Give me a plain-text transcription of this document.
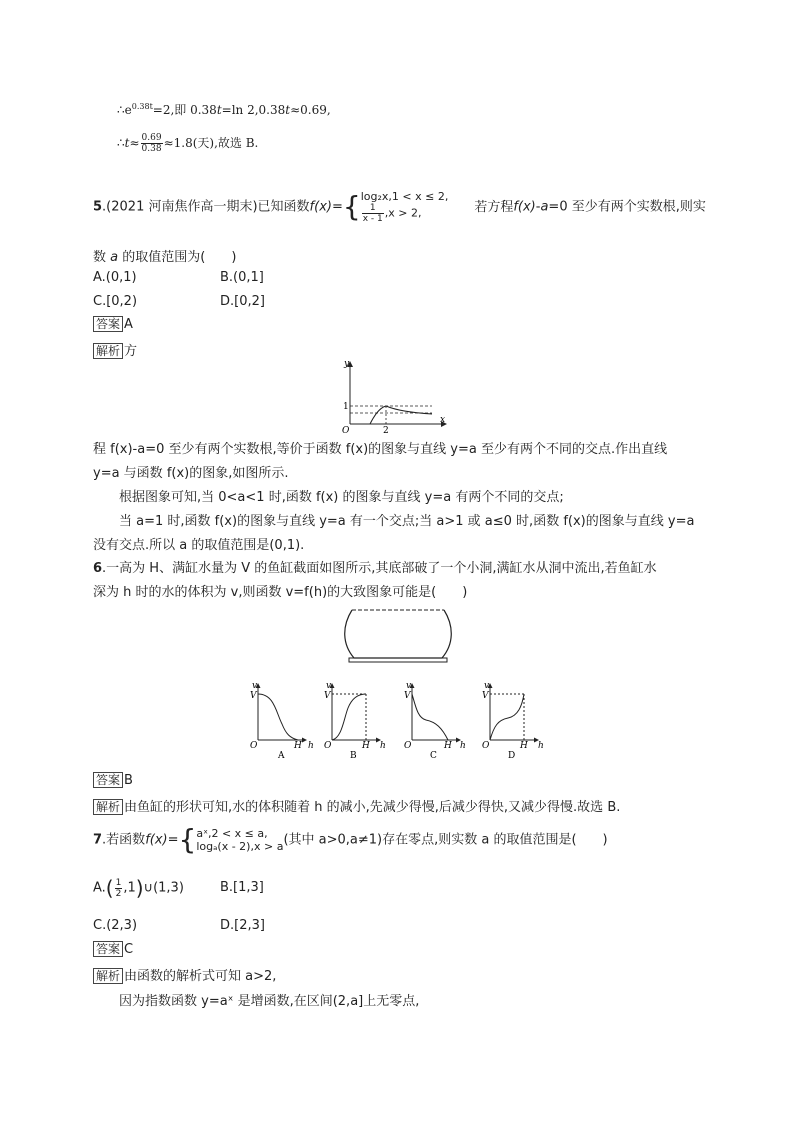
$\therefore e^{0.38t}=2$,即 0.38t=ln 2,0.38t≈0.69,
∴t≈ $\frac{0.69}{0.38} \approx 1.8$(天),故选 B.
5.(2021 河南焦作高一期末)已知函数f(x)={ log₂x,1 < x ≤ 2,
$\frac{1}{x - 1} ,x > 2$,	若方程f(x)-a=0 至少有两个实数根,则实
数 a 的取值范围为(　　)
A.(0,1)	B.(0,1]
C.[0,2)	D.[0,2]
答案 A
解析 方
y
x
O
1
2
程 f(x)-a=0 至少有两个实数根,等价于函数 f(x)的图象与直线 y=a 至少有两个不同的交点.作出直线
y=a 与函数 f(x)的图象,如图所示.
根据图象可知,当 0<a<1 时,函数 f(x) 的图象与直线 y=a 有两个不同的交点;
当 a=1 时,函数 f(x)的图象与直线 y=a 有一个交点;当 a>1 或 a≤0 时,函数 f(x)的图象与直线 y=a
没有交点.所以 a 的取值范围是(0,1).
6.一高为 H、满缸水量为 V 的鱼缸截面如图所示,其底部破了一个小洞,满缸水从洞中流出,若鱼缸水
深为 h 时的水的体积为 v,则函数 v=f(h)的大致图象可能是(　　)
v
V
O	H h
A
v
V
O	H h
B
v
V
O	H h
C
v
V
O	H h
D
答案 B
解析 由鱼缸的形状可知,水的体积随着 h 的减小,先减少得慢,后减少得快,又减少得慢.故选 B.
7.若函数f(x)={ aˣ,2 < x ≤ a,
logₐ(x - 2),x > a (其中 a>0,a≠1)存在零点,则实数 a 的取值范围是(　　)
$A.( \frac{1}{2}$ ,1)∪(1,3)	B.[1,3]
C.(2,3)	D.[2,3]
答案 C
解析 由函数的解析式可知 a>2,
因为指数函数 y=aˣ 是增函数,在区间(2,a]上无零点,
